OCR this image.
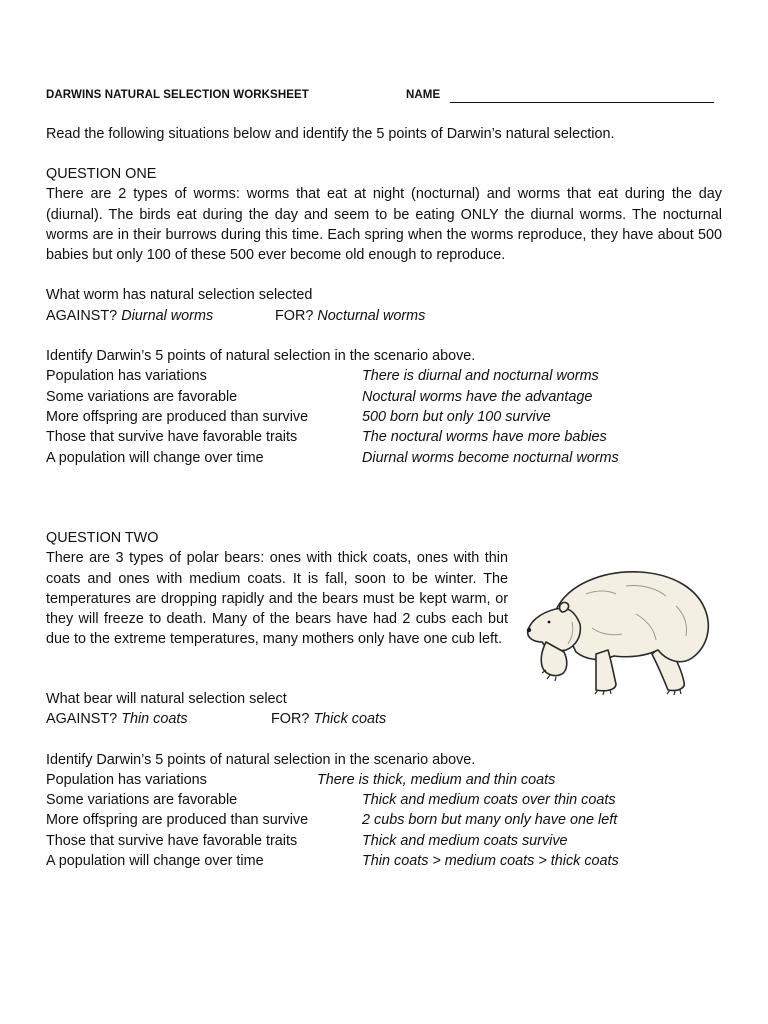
DARWINS NATURAL SELECTION WORKSHEET	NAME
Read the following situations below and identify the 5 points of Darwin’s natural selection.
QUESTION ONE
There are 2 types of worms: worms that eat at night (nocturnal) and worms that eat during the day (diurnal). The birds eat during the day and seem to be eating ONLY the diurnal worms. The nocturnal worms are in their burrows during this time. Each spring when the worms reproduce, they have about 500 babies but only 100 of these 500 ever become old enough to reproduce.
What worm has natural selection selected
AGAINST? Diurnal worms	FOR? Nocturnal worms
Identify Darwin’s 5 points of natural selection in the scenario above.
Population has variations	There is diurnal and nocturnal worms
Some variations are favorable	Noctural worms have the advantage
More offspring are produced than survive	500 born but only 100 survive
Those that survive have favorable traits	The noctural worms have more babies
A population will change over time	Diurnal worms become nocturnal worms
QUESTION TWO
There are 3 types of polar bears: ones with thick coats, ones with thin coats and ones with medium coats. It is fall, soon to be winter. The temperatures are dropping rapidly and the bears must be kept warm, or they will freeze to death. Many of the bears have had 2 cubs each but due to the extreme temperatures, many mothers only have one cub left.
What bear will natural selection select
AGAINST? Thin coats	FOR? Thick coats
Identify Darwin’s 5 points of natural selection in the scenario above.
Population has variations	There is thick, medium and thin coats
Some variations are favorable	Thick and medium coats over thin coats
More offspring are produced than survive	2 cubs born but many only have one left
Those that survive have favorable traits	Thick and medium coats survive
A population will change over time	Thin coats > medium coats > thick coats
